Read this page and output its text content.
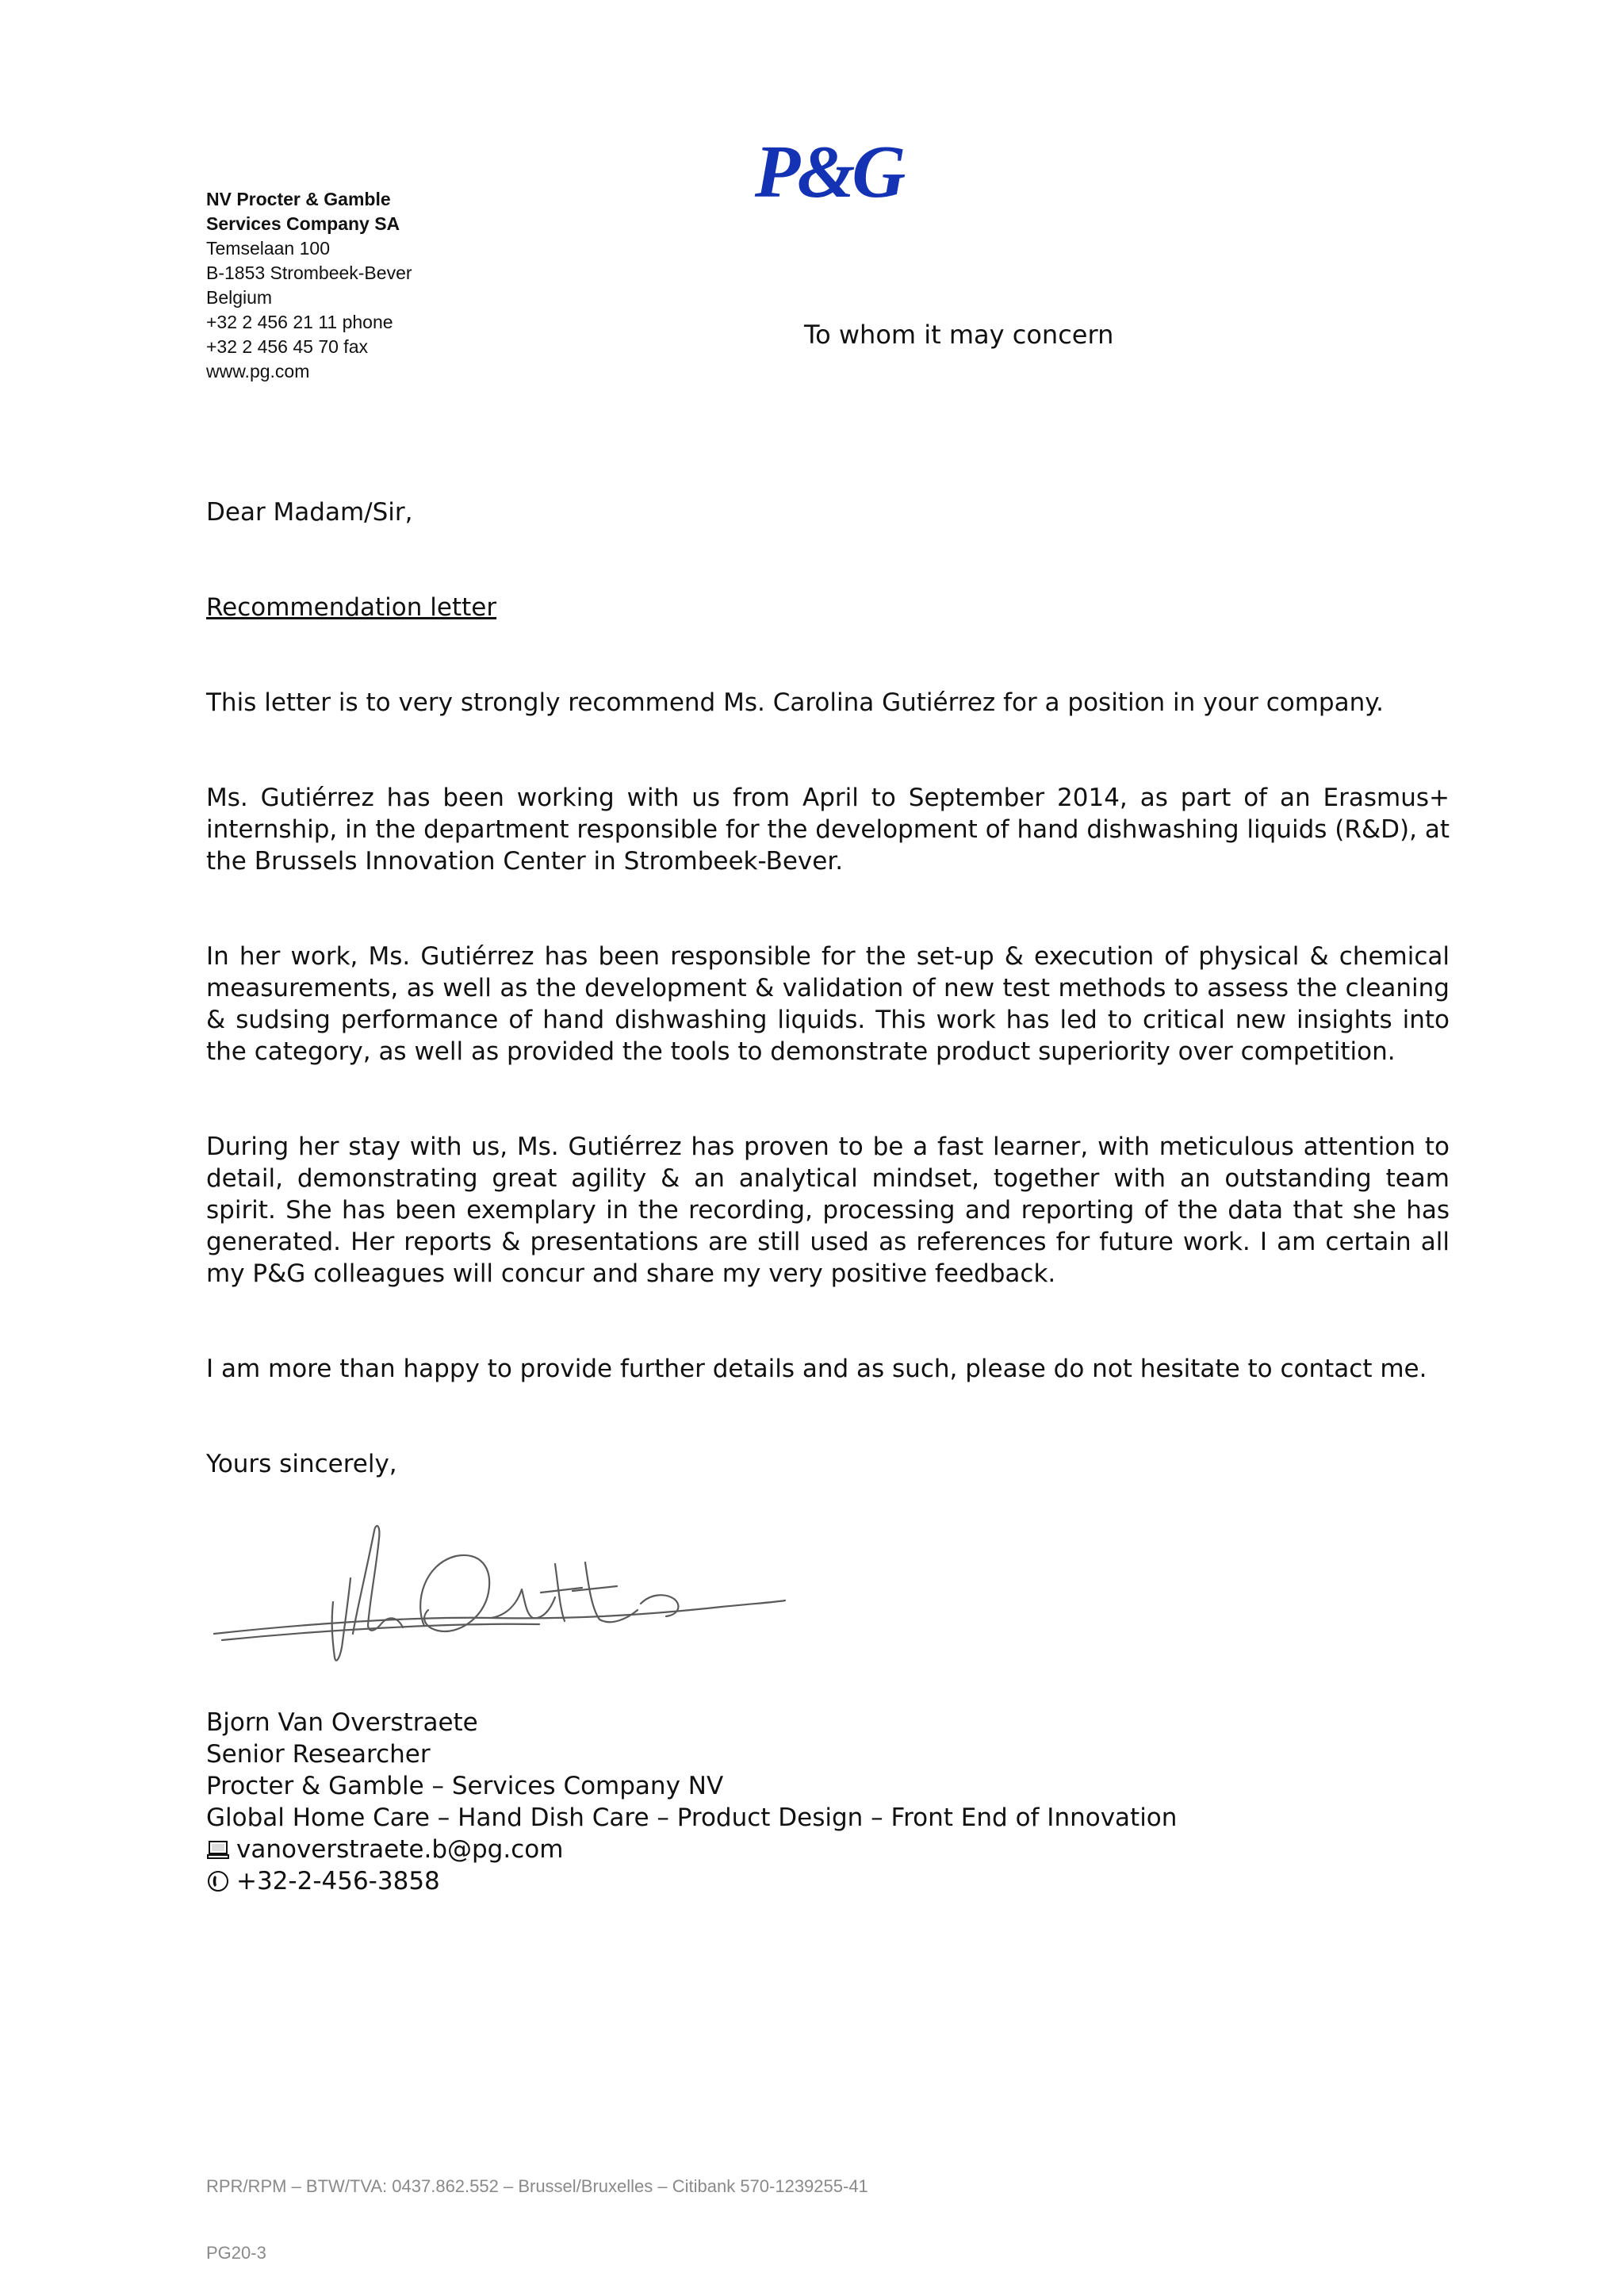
NV Procter & Gamble
Services Company SA
Temselaan 100
B-1853 Strombeek-Bever
Belgium
+32 2 456 21 11 phone
+32 2 456 45 70 fax
www.pg.com
P&G
To whom it may concern
Dear Madam/Sir,
Recommendation letter
This letter is to very strongly recommend Ms. Carolina Gutiérrez for a position in your company.
Ms. Gutiérrez has been working with us from April to September 2014, as part of an Erasmus+ internship, in the department responsible for the development of hand dishwashing liquids (R&D), at the Brussels Innovation Center in Strombeek-Bever.
In her work, Ms. Gutiérrez has been responsible for the set-up & execution of physical & chemical measurements, as well as the development & validation of new test methods to assess the cleaning & sudsing performance of hand dishwashing liquids. This work has led to critical new insights into the category, as well as provided the tools to demonstrate product superiority over competition.
During her stay with us, Ms. Gutiérrez has proven to be a fast learner, with meticulous attention to detail, demonstrating great agility & an analytical mindset, together with an outstanding team spirit. She has been exemplary in the recording, processing and reporting of the data that she has generated. Her reports & presentations are still used as references for future work. I am certain all my P&G colleagues will concur and share my very positive feedback.
I am more than happy to provide further details and as such, please do not hesitate to contact me.
Yours sincerely,
Bjorn Van Overstraete
Senior Researcher
Procter & Gamble – Services Company NV
Global Home Care – Hand Dish Care – Product Design – Front End of Innovation
vanoverstraete.b@pg.com
+32-2-456-3858
RPR/RPM – BTW/TVA: 0437.862.552 – Brussel/Bruxelles – Citibank 570-1239255-41
PG20-3
